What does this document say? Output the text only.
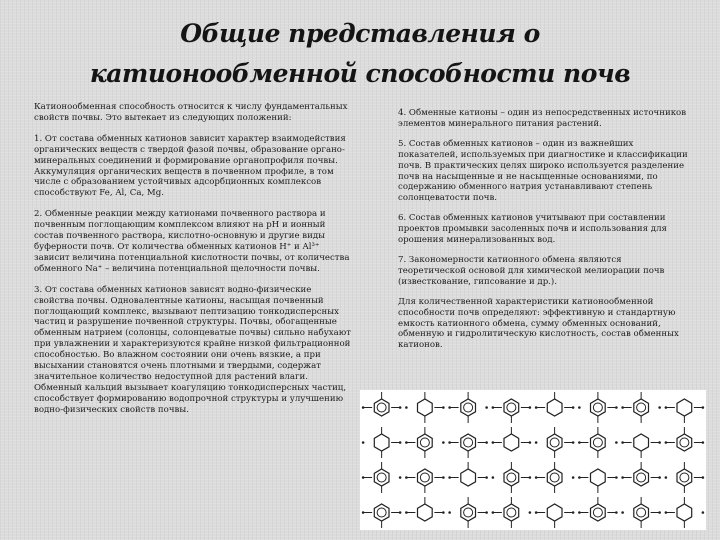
Общие представления о катионообменной способности почв

Катионообменная способность относится к числу фундаментальных свойств почвы. Это вытекает из следующих положений:

1. От состава обменных катионов зависит характер взаимодействия органических веществ с твердой фазой почвы, образование органо-минеральных соединений и формирование органопрофиля почвы. Аккумуляция органических веществ в почвенном профиле, в том числе с образованием устойчивых адсорбционных комплексов способствуют Fe, Al, Ca, Mg.

2. Обменные реакции между катионами почвенного раствора и почвенным поглощающим комплексом влияют на pH и ионный состав почвенного раствора, кислотно-основную и другие виды буферности почв. От количества обменных катионов H⁺ и Al³⁺ зависит величина потенциальной кислотности почвы, от количества обменного Na⁺ – величина потенциальной щелочности почвы.

3. От состава обменных катионов зависят водно-физические свойства почвы. Одновалентные катионы, насыщая почвенный поглощающий комплекс, вызывают пептизацию тонкодисперсных частиц и разрушение почвенной структуры. Почвы, обогащенные обменным натрием (солонцы, солонцеватые почвы) сильно набухают при увлажнении и характеризуются крайне низкой фильтрационной способностью. Во влажном состоянии они очень вязкие, а при высыхании становятся очень плотными и твердыми, содержат значительное количество недоступной для растений влаги. Обменный кальций вызывает коагуляцию тонкодисперсных частиц, способствует формированию водопрочной структуры и улучшению водно-физических свойств почвы.

4. Обменные катионы – один из непосредственных источников элементов минерального питания растений.

5. Состав обменных катионов – один из важнейших показателей, используемых при диагностике и классификации почв. В практических целях широко используется разделение почв на насыщенные и не насыщенные основаниями, по содержанию обменного натрия устанавливают степень солонцеватости почв.

6. Состав обменных катионов учитывают при составлении проектов промывки засоленных почв и использования для орошения минерализованных вод.

7. Закономерности катионного обмена являются теоретической основой для химической мелиорации почв (известкование, гипсование и др.).

Для количественной характеристики катионообменной способности почв определяют: эффективную и стандартную емкость катионного обмена, сумму обменных оснований, обменную и гидролитическую кислотность, состав обменных катионов.
